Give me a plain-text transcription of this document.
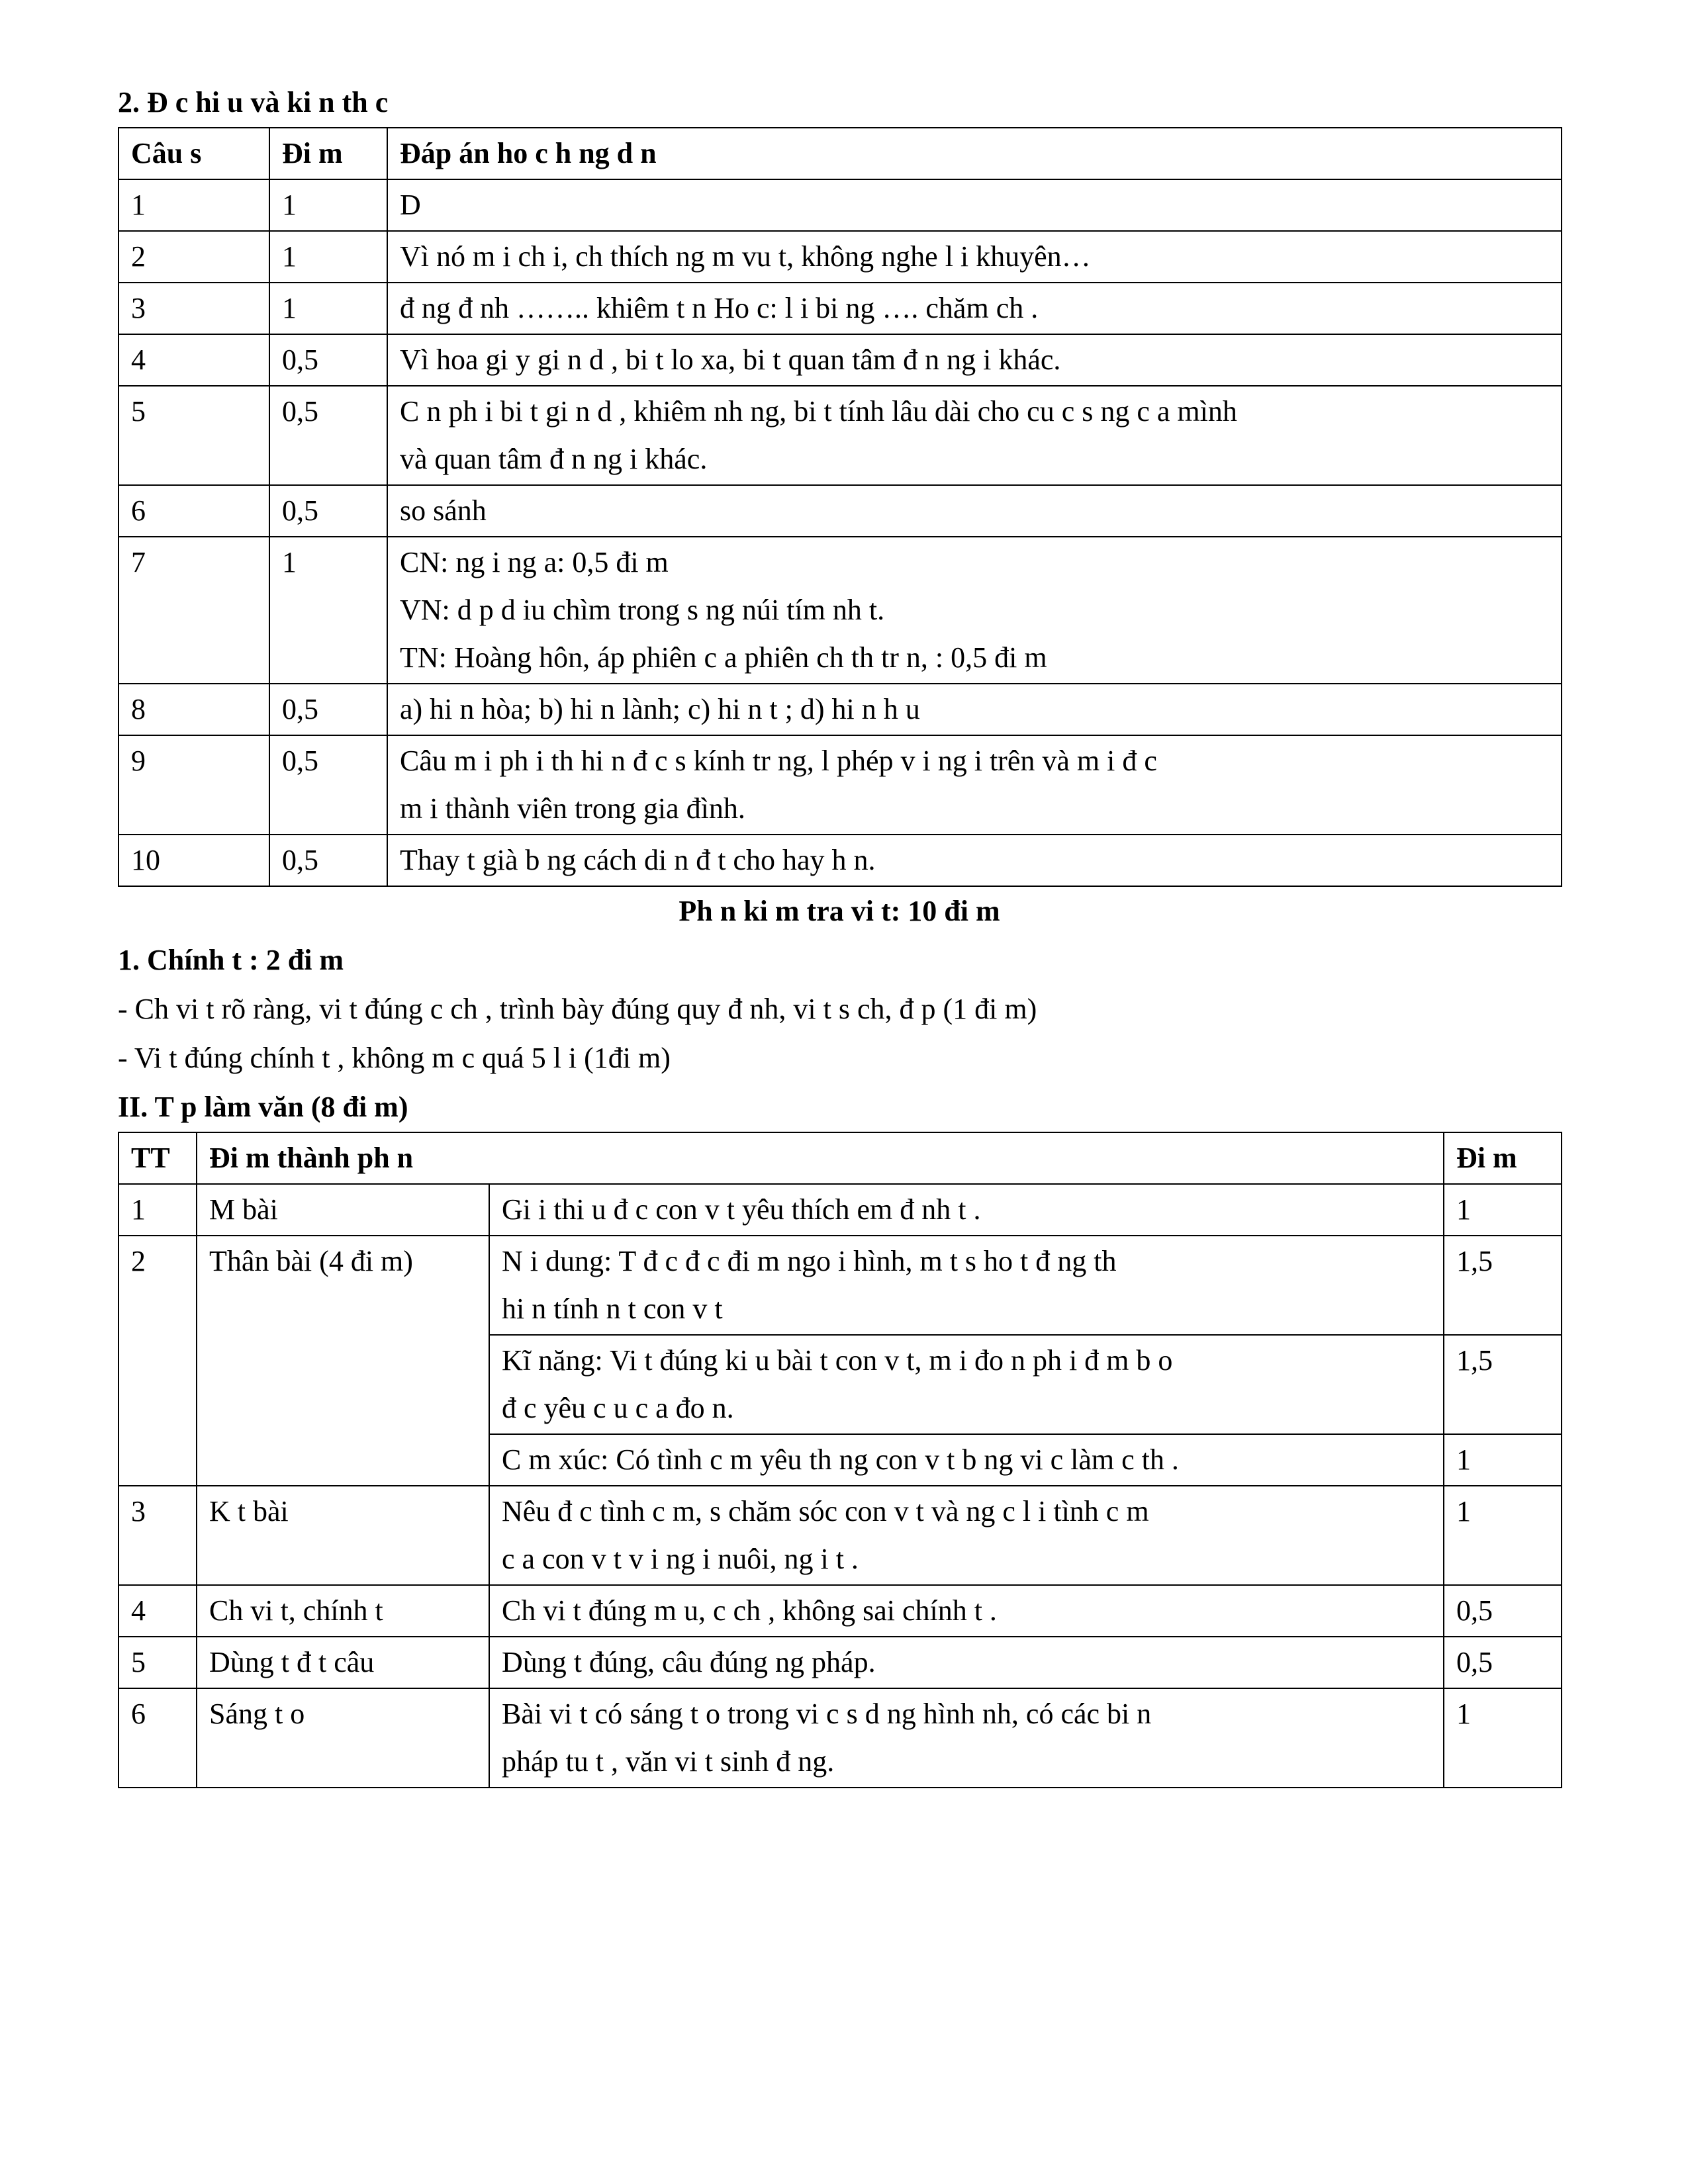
2. Đ c hi u và ki n th c
Câu s	Đi m	Đáp án ho c h ng d n
1	1	D

2	1	Vì nó m i ch i, ch thích ng m vu t, không nghe l i khuyên…

3	1	đ ng đ nh …….. khiêm t n Ho c: l i bi ng …. chăm ch .

4	0,5	Vì hoa gi y gi n d , bi t lo xa, bi t quan tâm đ n ng i khác.

5	0,5	C n ph i bi t gi n d , khiêm nh ng, bi t tính lâu dài cho cu c s ng c a mình
và quan tâm đ n ng i khác.

6	0,5	so sánh

7	1	CN: ng i ng a: 0,5 đi m
VN: d p d iu chìm trong s ng núi tím nh t.
TN: Hoàng hôn, áp phiên c a phiên ch th tr n, : 0,5 đi m

8	0,5	a) hi n hòa; b) hi n lành; c) hi n t ; d) hi n h u

9	0,5	Câu m i ph i th hi n đ c s kính tr ng, l phép v i ng i trên và m i đ c
m i thành viên trong gia đình.

10	0,5	Thay t già b ng cách di n đ t cho hay h n.
Ph n ki m tra vi t: 10 đi m
1. Chính t : 2 đi m
- Ch vi t rõ ràng, vi t đúng c ch , trình bày đúng quy đ nh, vi t s ch, đ p (1 đi m)
- Vi t đúng chính t , không m c quá 5 l i (1đi m)
II. T p làm văn (8 đi m)
TT	Đi m thành ph n		Đi m
1	M bài	Gi i thi u đ c con v t yêu thích em đ nh t .	1
2	Thân bài (4 đi m)	N i dung: T đ c đ c đi m ngo i hình, m t s ho t đ ng th
hi n tính n t con v t	1,5

		Kĩ năng: Vi t đúng ki u bài t con v t, m i đo n ph i đ m b o
đ c yêu c u c a đo n.	1,5

		C m xúc: Có tình c m yêu th ng con v t b ng vi c làm c th .	1
3	K t bài	Nêu đ c tình c m, s chăm sóc con v t và ng c l i tình c m
c a con v t v i ng i nuôi, ng i t .	1
4	Ch vi t, chính t	Ch vi t đúng m u, c ch , không sai chính t .	0,5
5	Dùng t đ t câu	Dùng t đúng, câu đúng ng pháp.	0,5
6	Sáng t o	Bài vi t có sáng t o trong vi c s d ng hình nh, có các bi n
pháp tu t , văn vi t sinh đ ng.	1
